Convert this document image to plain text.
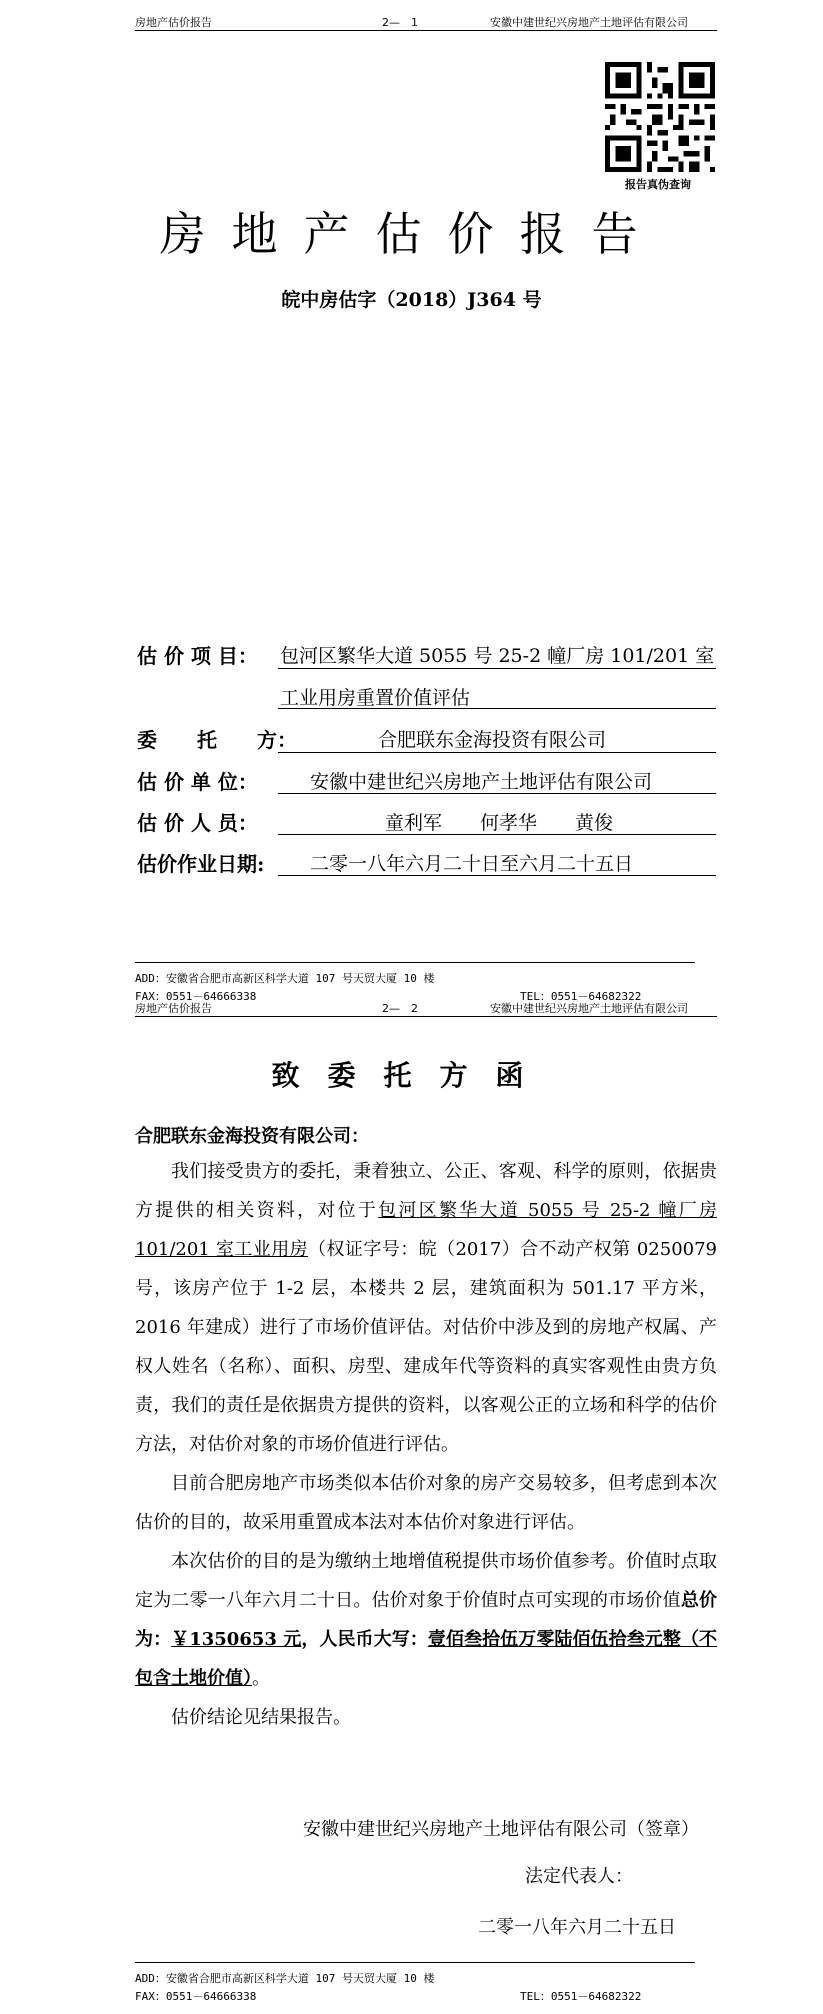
房地产估价报告	2—　1	安徽中建世纪兴房地产土地评估有限公司
报告真伪查询
房地产估价报告
皖中房估字（2018）J364 号
估 价 项 目： 包河区繁华大道 5055 号 25-2 幢厂房 101/201 室
工业用房重置价值评估
委　　托　　方：	合肥联东金海投资有限公司
估 价 单 位：	安徽中建世纪兴房地产土地评估有限公司
估 价 人 员：	童利军　　何孝华　　黄俊
估价作业日期: 二零一八年六月二十日至六月二十五日
ADD：安徽省合肥市高新区科学大道 107 号天贸大厦 10 楼
FAX：0551－64666338	TEL：0551－64682322
房地产估价报告	2—　2	安徽中建世纪兴房地产土地评估有限公司
致委托方函
合肥联东金海投资有限公司：

我们接受贵方的委托，秉着独立、公正、客观、科学的原则，依据贵方提供的相关资料，对位于包河区繁华大道 5055 号 25-2 幢厂房 101/201 室工业用房（权证字号：皖（2017）合不动产权第 0250079 号，该房产位于 1-2 层，本楼共 2 层，建筑面积为 501.17 平方米，2016 年建成）进行了市场价值评估。对估价中涉及到的房地产权属、产权人姓名（名称）、面积、房型、建成年代等资料的真实客观性由贵方负责，我们的责任是依据贵方提供的资料，以客观公正的立场和科学的估价方法，对估价对象的市场价值进行评估。

目前合肥房地产市场类似本估价对象的房产交易较多，但考虑到本次估价的目的，故采用重置成本法对本估价对象进行评估。

本次估价的目的是为缴纳土地增值税提供市场价值参考。价值时点取定为二零一八年六月二十日。估价对象于价值时点可实现的市场价值总价为：￥1350653 元，人民币大写：壹佰叁拾伍万零陆佰伍拾叁元整（不包含土地价值）。

估价结论见结果报告。

安徽中建世纪兴房地产土地评估有限公司（签章）
法定代表人：
二零一八年六月二十五日
ADD：安徽省合肥市高新区科学大道 107 号天贸大厦 10 楼
FAX：0551－64666338	TEL：0551－64682322
